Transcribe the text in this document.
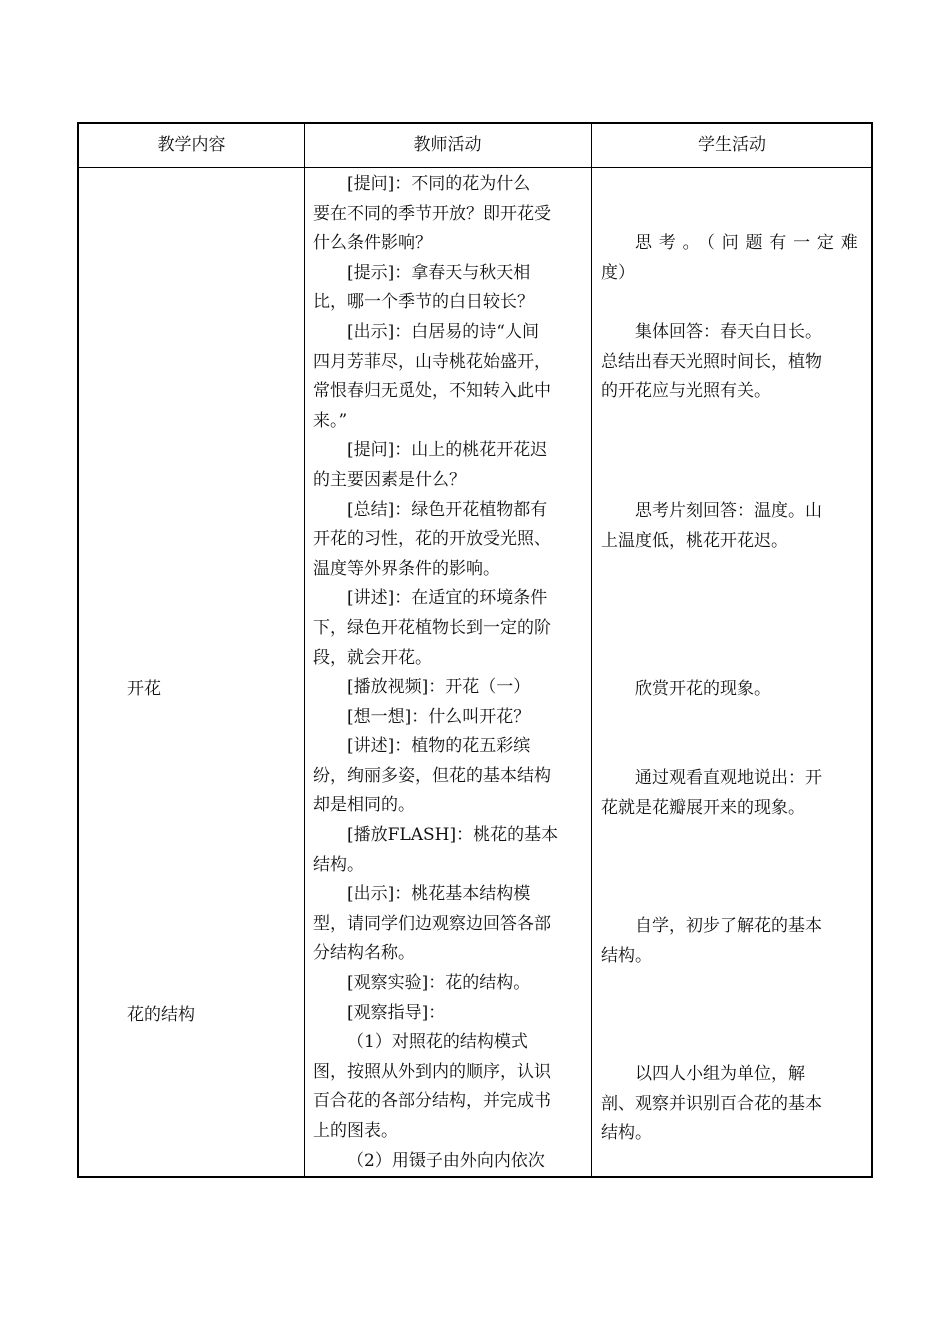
教学内容	教师活动	学生活动
开花
花的结构
[提问]：不同的花为什么
要在不同的季节开放？即开花受
什么条件影响？
[提示]：拿春天与秋天相
比，哪一个季节的白日较长？
[出示]：白居易的诗“人间
四月芳菲尽，山寺桃花始盛开，
常恨春归无觅处，不知转入此中
来。”
[提问]：山上的桃花开花迟
的主要因素是什么？
[总结]：绿色开花植物都有
开花的习性，花的开放受光照、
温度等外界条件的影响。
[讲述]：在适宜的环境条件
下，绿色开花植物长到一定的阶
段，就会开花。
[播放视频]：开花（一）
[想一想]：什么叫开花？
[讲述]：植物的花五彩缤
纷，绚丽多姿，但花的基本结构
却是相同的。
[播放FLASH]：桃花的基本
结构。
[出示]：桃花基本结构模
型，请同学们边观察边回答各部
分结构名称。
[观察实验]：花的结构。
[观察指导]：
（1）对照花的结构模式
图，按照从外到内的顺序，认识
百合花的各部分结构，并完成书
上的图表。
（2）用镊子由外向内依次
思考。（问题有一定难
度）
集体回答：春天白日长。
总结出春天光照时间长，植物
的开花应与光照有关。
思考片刻回答：温度。山
上温度低，桃花开花迟。
欣赏开花的现象。
通过观看直观地说出：开
花就是花瓣展开来的现象。
自学，初步了解花的基本
结构。
以四人小组为单位，解
剖、观察并识别百合花的基本
结构。
